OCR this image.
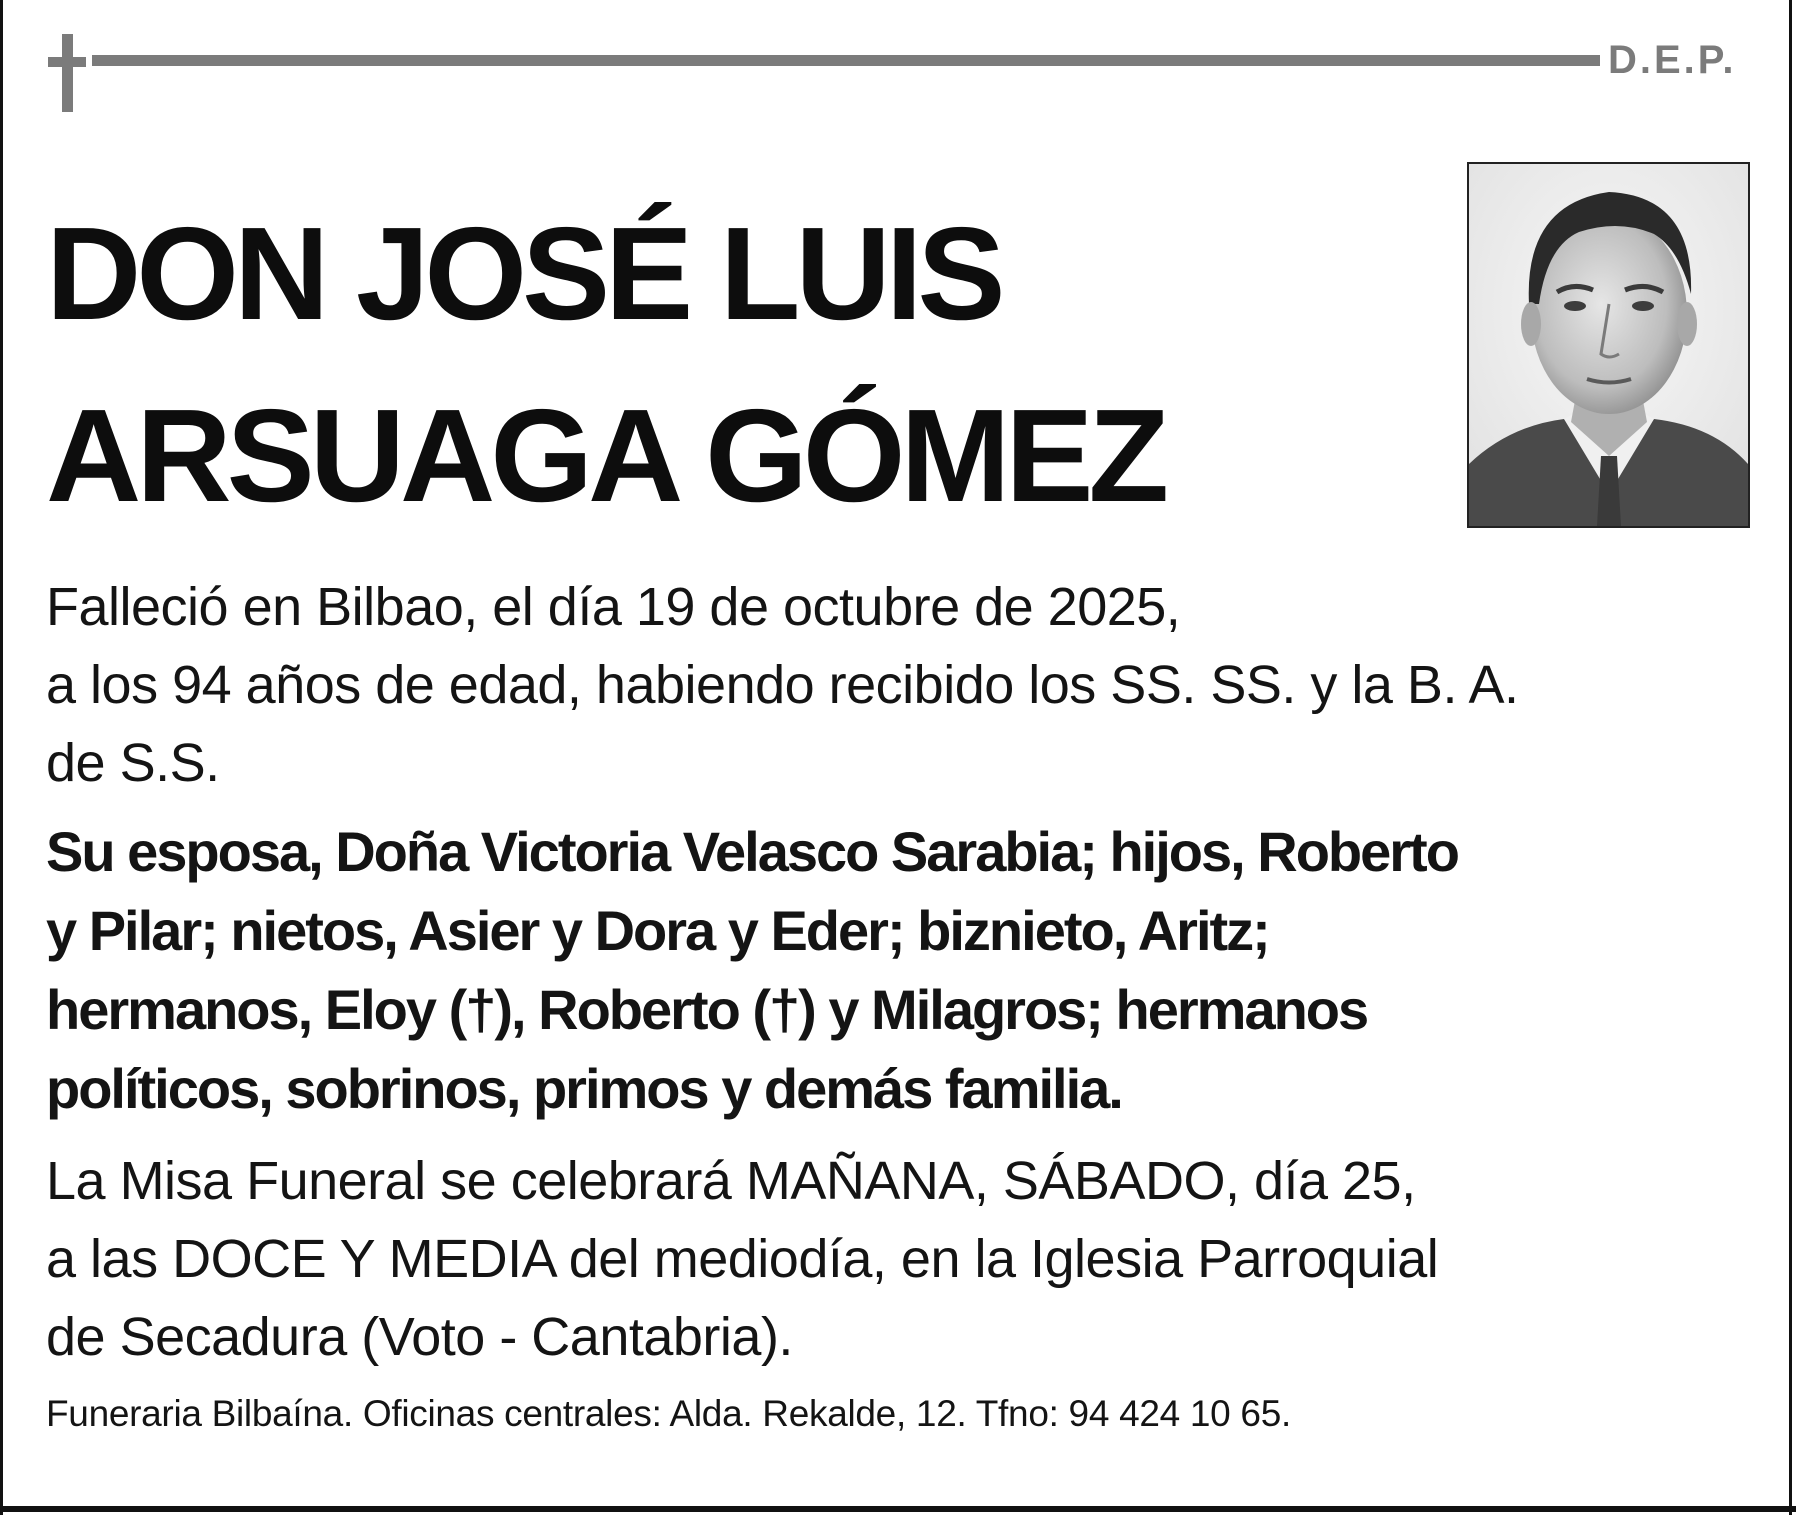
D.E.P.
DON JOSÉ LUIS
ARSUAGA GÓMEZ
Falleció en Bilbao, el día 19 de octubre de 2025,
a los 94 años de edad, habiendo recibido los SS. SS. y la B. A.
de S.S.
Su esposa, Doña Victoria Velasco Sarabia; hijos, Roberto
y Pilar; nietos, Asier y Dora y Eder; biznieto, Aritz;
hermanos, Eloy (†), Roberto (†) y Milagros; hermanos
políticos, sobrinos, primos y demás familia.
La Misa Funeral se celebrará MAÑANA, SÁBADO, día 25,
a las DOCE Y MEDIA del mediodía, en la Iglesia Parroquial
de Secadura (Voto - Cantabria).
Funeraria Bilbaína. Oficinas centrales: Alda. Rekalde, 12. Tfno: 94 424 10 65.
